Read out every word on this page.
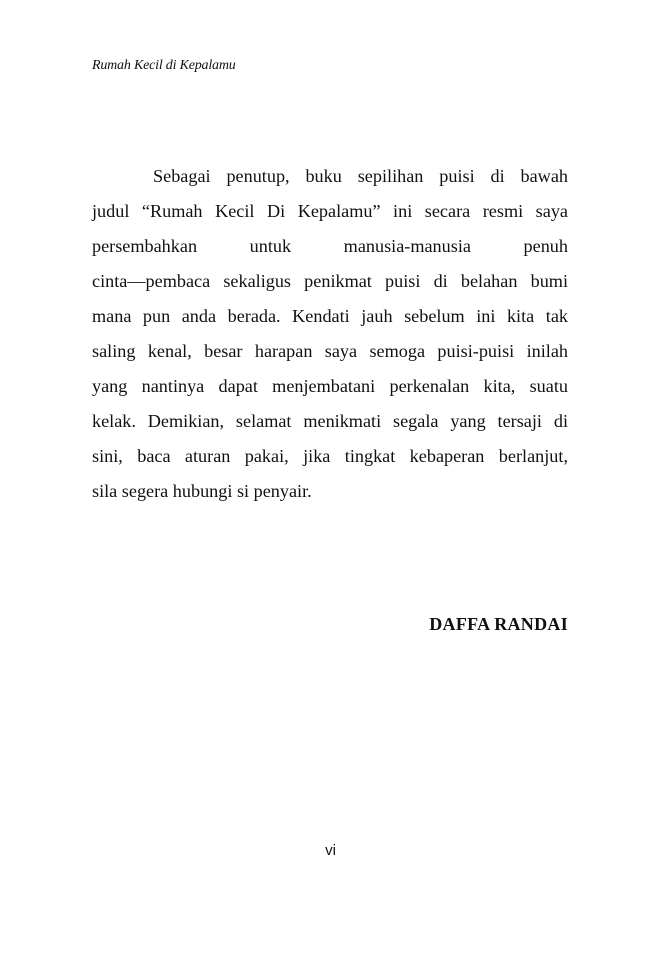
Rumah Kecil di Kepalamu

Sebagai penutup, buku sepilihan puisi di bawah
judul “Rumah Kecil Di Kepalamu” ini secara resmi saya
persembahkan untuk manusia-manusia penuh
cinta—pembaca sekaligus penikmat puisi di belahan bumi
mana pun anda berada. Kendati jauh sebelum ini kita tak
saling kenal, besar harapan saya semoga puisi-puisi inilah
yang nantinya dapat menjembatani perkenalan kita, suatu
kelak. Demikian, selamat menikmati segala yang tersaji di
sini, baca aturan pakai, jika tingkat kebaperan berlanjut,
sila segera hubungi si penyair.

DAFFA RANDAI
vi
